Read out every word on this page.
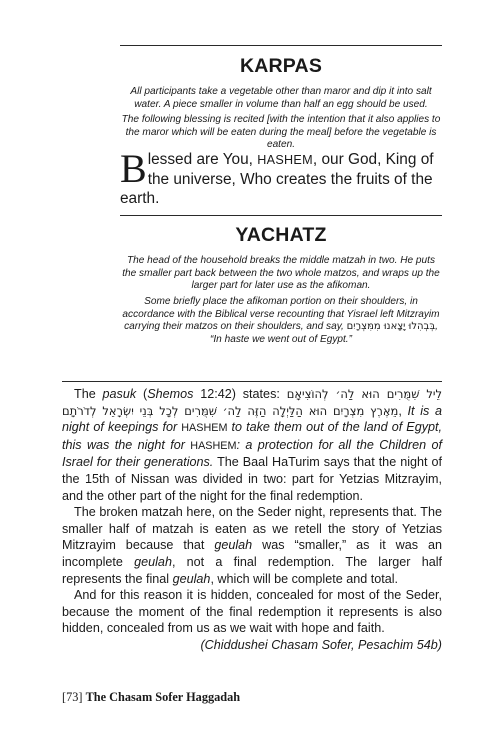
KARPAS

All participants take a vegetable other than maror and dip it into salt water. A piece smaller in volume than half an egg should be used.

The following blessing is recited [with the intention that it also applies to the maror which will be eaten during the meal] before the vegetable is eaten.

Blessed are You, HASHEM, our God, King of the universe, Who creates the fruits of the earth.

YACHATZ

The head of the household breaks the middle matzah in two. He puts the smaller part back between the two whole matzos, and wraps up the larger part for later use as the afikoman.

Some briefly place the afikoman portion on their shoulders, in accordance with the Biblical verse recounting that Yisrael left Mitzrayim carrying their matzos on their shoulders, and say, בְּבְהִלוּ יָצָאנוּ מִמִּצְרָיִם, “In haste we went out of Egypt.”

The pasuk (Shemos 12:42) states: לֵיל שִׁמֻּרִים הוּא לַה׳ לְהוֹצִיאָם מֵאֶרֶץ מִצְרָיִם הוּא הַלַּיְלָה הַזֶּה לַה׳ שִׁמֻּרִים לְכָל בְּנֵי יִשְׂרָאֵל לְדֹרֹתָם, It is a night of keepings for HASHEM to take them out of the land of Egypt, this was the night for HASHEM: a protection for all the Children of Israel for their generations. The Baal HaTurim says that the night of the 15th of Nissan was divided in two: part for Yetzias Mitzrayim, and the other part of the night for the final redemption.

The broken matzah here, on the Seder night, represents that. The smaller half of matzah is eaten as we retell the story of Yetzias Mitzrayim because that geulah was “smaller,” as it was an incomplete geulah, not a final redemption. The larger half represents the final geulah, which will be complete and total.

And for this reason it is hidden, concealed for most of the Seder, because the moment of the final redemption it represents is also hidden, concealed from us as we wait with hope and faith.

(Chiddushei Chasam Sofer, Pesachim 54b)

[73] The Chasam Sofer Haggadah
